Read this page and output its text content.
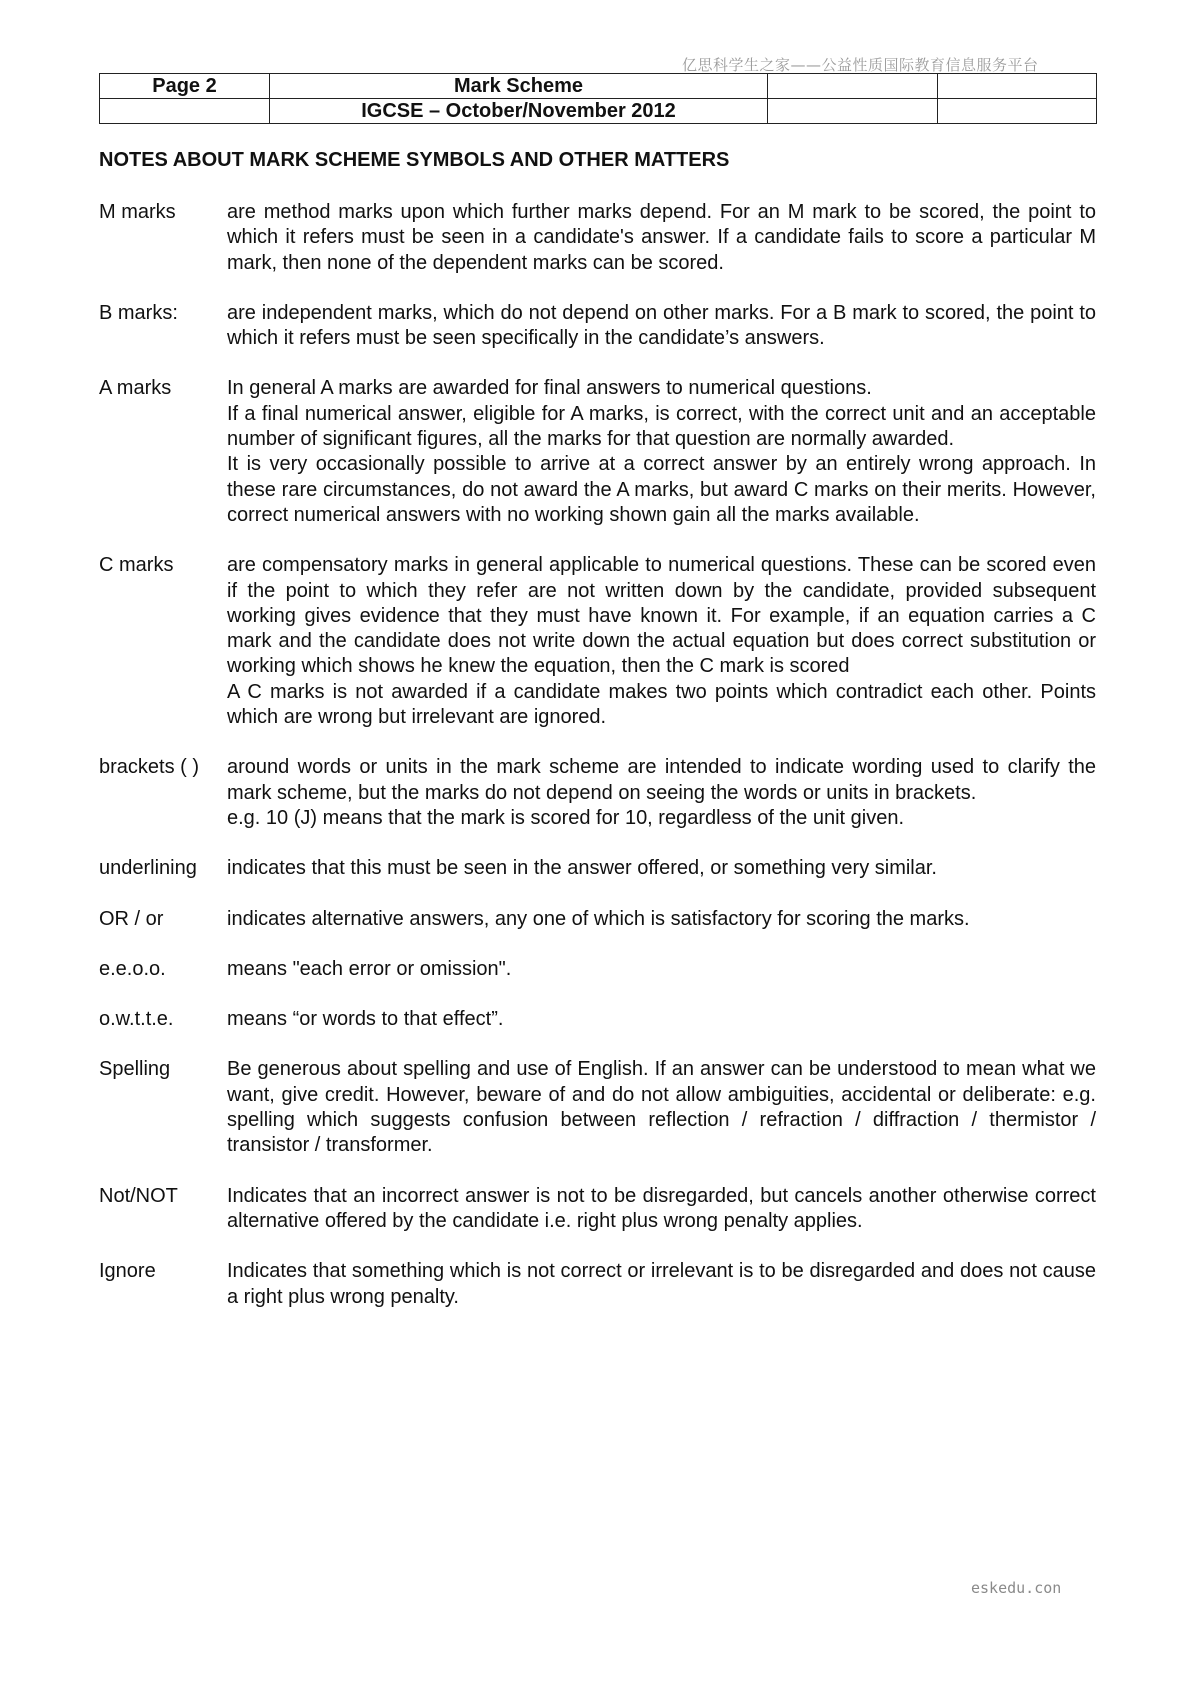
亿思科学生之家——公益性质国际教育信息服务平台
Page 2	Mark Scheme		
	IGCSE – October/November 2012		
NOTES ABOUT MARK SCHEME SYMBOLS AND OTHER MATTERS
M marks	are method marks upon which further marks depend. For an M mark to be scored, the point to which it refers must be seen in a candidate's answer. If a candidate fails to score a particular M mark, then none of the dependent marks can be scored.

B marks:	are independent marks, which do not depend on other marks. For a B mark to scored, the point to which it refers must be seen specifically in the candidate’s answers.

A marks	In general A marks are awarded for final answers to numerical questions.

If a final numerical answer, eligible for A marks, is correct, with the correct unit and an acceptable number of significant figures, all the marks for that question are normally awarded.

It is very occasionally possible to arrive at a correct answer by an entirely wrong approach. In these rare circumstances, do not award the A marks, but award C marks on their merits. However, correct numerical answers with no working shown gain all the marks available.

C marks	are compensatory marks in general applicable to numerical questions. These can be scored even if the point to which they refer are not written down by the candidate, provided subsequent working gives evidence that they must have known it. For example, if an equation carries a C mark and the candidate does not write down the actual equation but does correct substitution or working which shows he knew the equation, then the C mark is scored

A C marks is not awarded if a candidate makes two points which contradict each other. Points which are wrong but irrelevant are ignored.

brackets ( )	around words or units in the mark scheme are intended to indicate wording used to clarify the mark scheme, but the marks do not depend on seeing the words or units in brackets.

e.g. 10 (J) means that the mark is scored for 10, regardless of the unit given.

underlining	indicates that this must be seen in the answer offered, or something very similar.

OR / or	indicates alternative answers, any one of which is satisfactory for scoring the marks.

e.e.o.o.	means "each error or omission".

o.w.t.t.e.	means “or words to that effect”.

Spelling	Be generous about spelling and use of English. If an answer can be understood to mean what we want, give credit. However, beware of and do not allow ambiguities, accidental or deliberate: e.g. spelling which suggests confusion between reflection / refraction / diffraction / thermistor / transistor / transformer.

Not/NOT	Indicates that an incorrect answer is not to be disregarded, but cancels another otherwise correct alternative offered by the candidate i.e. right plus wrong penalty applies.

Ignore	Indicates that something which is not correct or irrelevant is to be disregarded and does not cause a right plus wrong penalty.

eskedu.con
